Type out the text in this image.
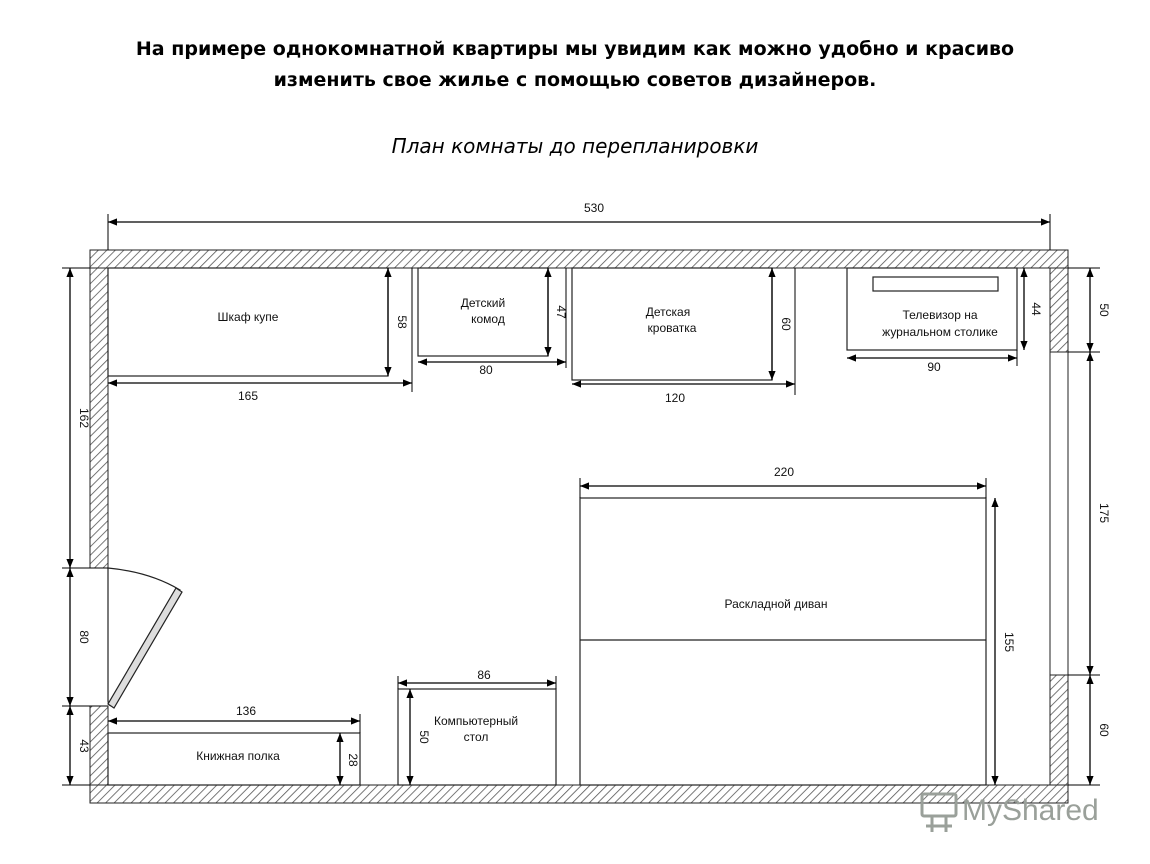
На примере однокомнатной квартиры мы увидим как можно удобно и красиво
изменить свое жилье с помощью советов дизайнеров.
План комнаты до перепланировки
Шкаф купе
Детский
комод	Детская
кроватка
Телевизор на
журнальном столике
Раскладной диван
Компьютерный
стол
Книжная полка
530
165
80
120
90
220
86
136
58
47
60
44
155
50
28
162
80
43
50
175
60
MyShared
